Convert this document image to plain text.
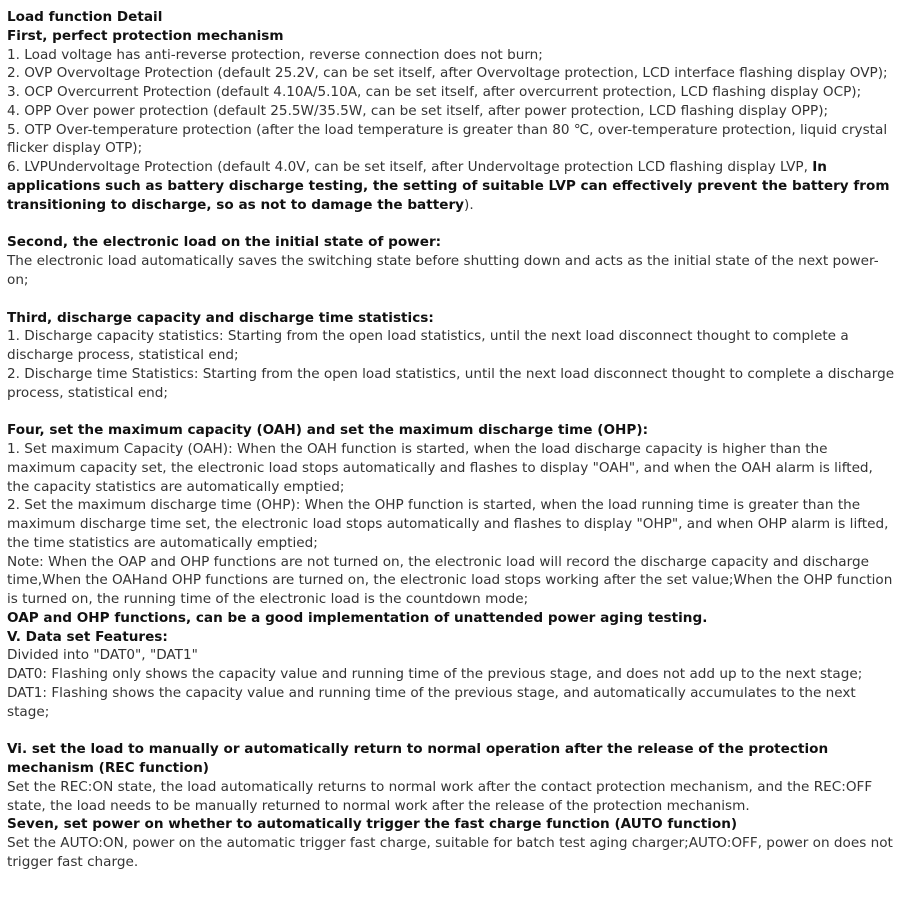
Load function Detail
First, perfect protection mechanism
1. Load voltage has anti-reverse protection, reverse connection does not burn;
2. OVP Overvoltage Protection (default 25.2V, can be set itself, after Overvoltage protection, LCD interface flashing display OVP);
3. OCP Overcurrent Protection (default 4.10A/5.10A, can be set itself, after overcurrent protection, LCD flashing display OCP);
4. OPP Over power protection (default 25.5W/35.5W, can be set itself, after power protection, LCD flashing display OPP);
5. OTP Over-temperature protection (after the load temperature is greater than 80 ℃, over-temperature protection, liquid crystal flicker display OTP);
6. LVPUndervoltage Protection (default 4.0V, can be set itself, after Undervoltage protection LCD flashing display LVP, In applications such as battery discharge testing, the setting of suitable LVP can effectively prevent the battery from transitioning to discharge, so as not to damage the battery).
Second, the electronic load on the initial state of power:
The electronic load automatically saves the switching state before shutting down and acts as the initial state of the next power-on;
Third, discharge capacity and discharge time statistics:
1. Discharge capacity statistics: Starting from the open load statistics, until the next load disconnect thought to complete a discharge process, statistical end;
2. Discharge time Statistics: Starting from the open load statistics, until the next load disconnect thought to complete a discharge process, statistical end;
Four, set the maximum capacity (OAH) and set the maximum discharge time (OHP):
1. Set maximum Capacity (OAH): When the OAH function is started, when the load discharge capacity is higher than the maximum capacity set, the electronic load stops automatically and flashes to display "OAH", and when the OAH alarm is lifted, the capacity statistics are automatically emptied;
2. Set the maximum discharge time (OHP): When the OHP function is started, when the load running time is greater than the maximum discharge time set, the electronic load stops automatically and flashes to display "OHP", and when OHP alarm is lifted, the time statistics are automatically emptied;
Note: When the OAP and OHP functions are not turned on, the electronic load will record the discharge capacity and discharge time,When the OAHand OHP functions are turned on, the electronic load stops working after the set value;When the OHP function is turned on, the running time of the electronic load is the countdown mode;
OAP and OHP functions, can be a good implementation of unattended power aging testing.
V. Data set Features:
Divided into "DAT0", "DAT1"
DAT0: Flashing only shows the capacity value and running time of the previous stage, and does not add up to the next stage;
DAT1: Flashing shows the capacity value and running time of the previous stage, and automatically accumulates to the next stage;
Vi. set the load to manually or automatically return to normal operation after the release of the protection mechanism (REC function)
Set the REC:ON state, the load automatically returns to normal work after the contact protection mechanism, and the REC:OFF state, the load needs to be manually returned to normal work after the release of the protection mechanism.
Seven, set power on whether to automatically trigger the fast charge function (AUTO function)
Set the AUTO:ON, power on the automatic trigger fast charge, suitable for batch test aging charger;AUTO:OFF, power on does not trigger fast charge.
